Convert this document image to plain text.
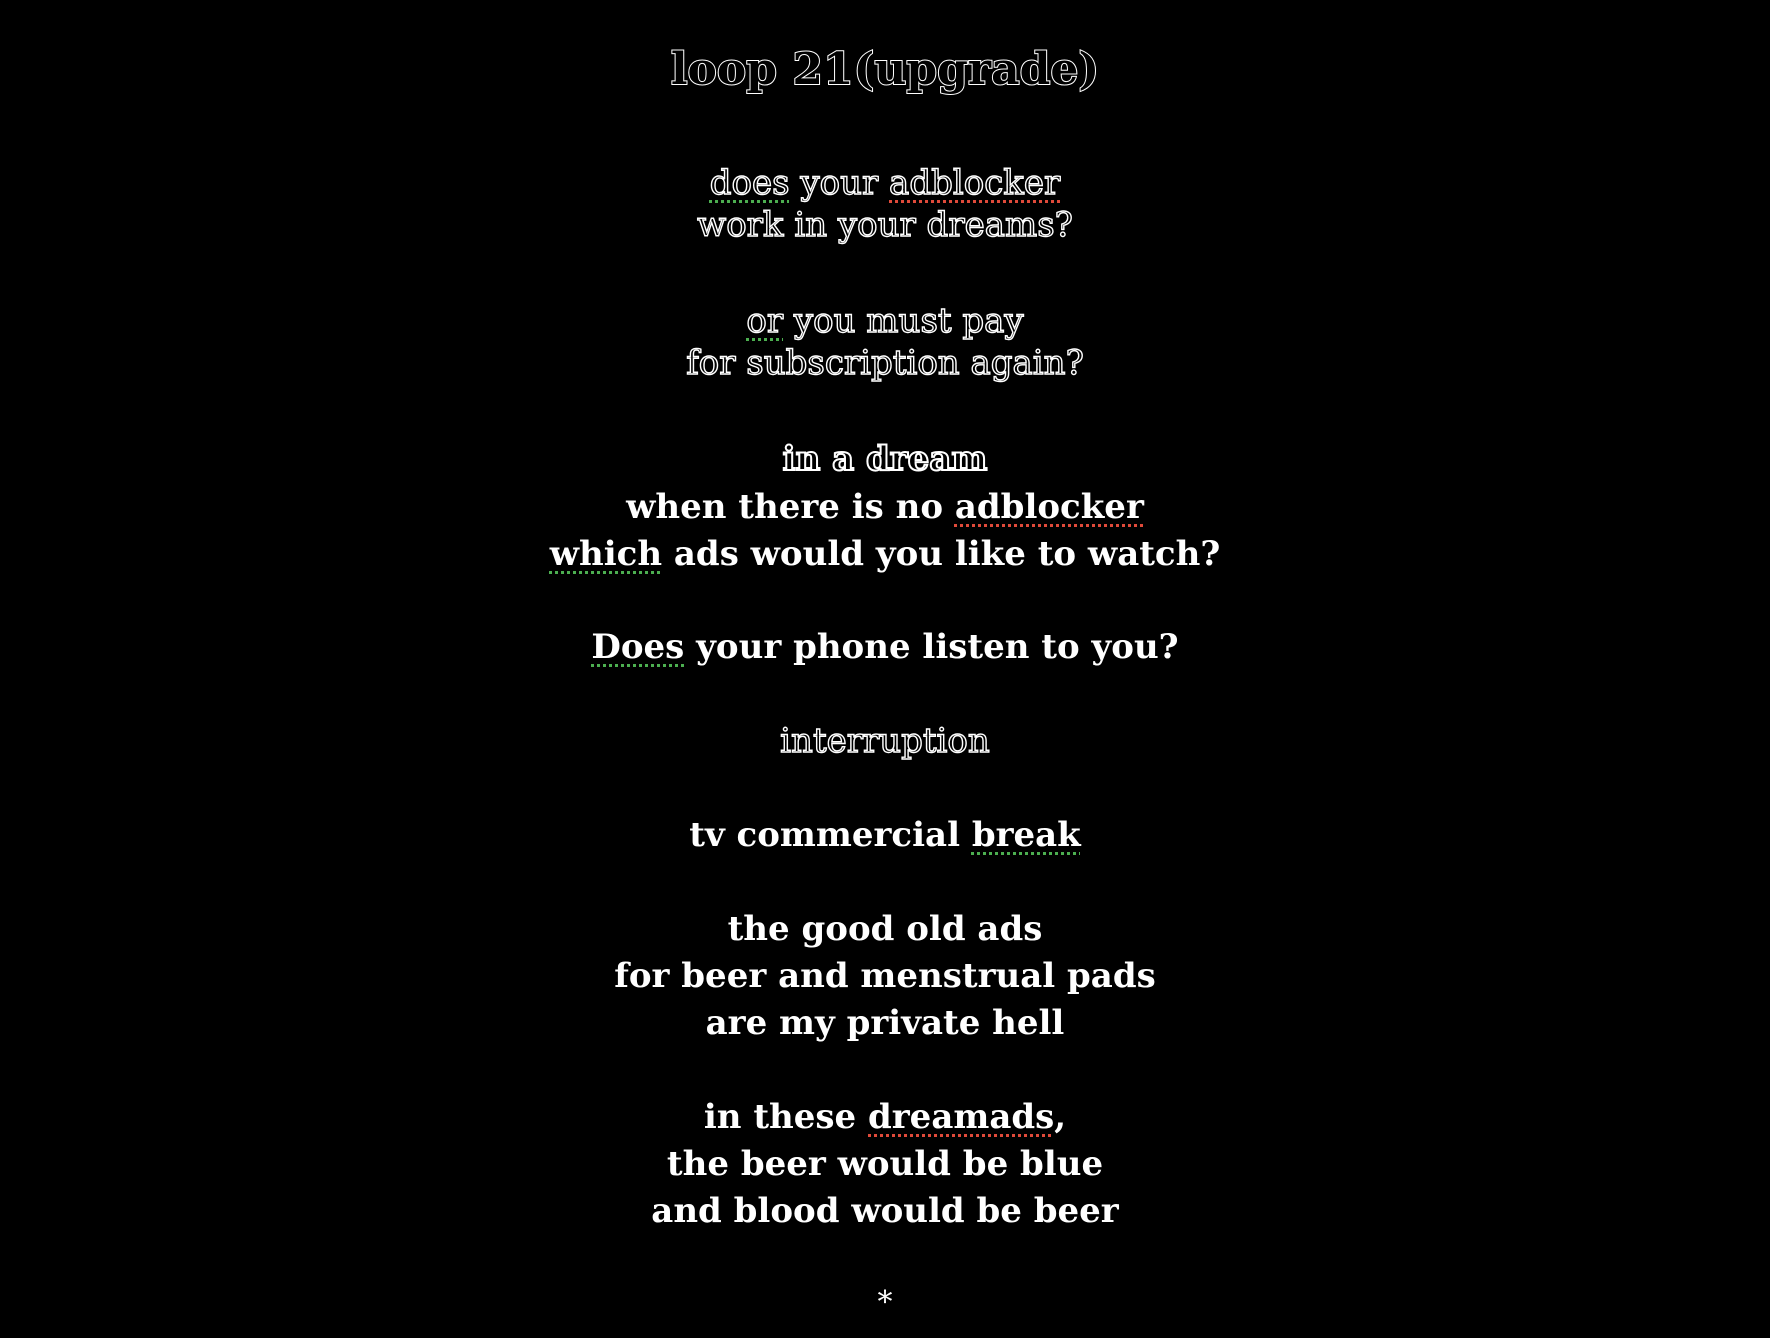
loop 21(upgrade)
does your adblocker
work in your dreams?
or you must pay
for subscription again?
in a dream
when there is no adblocker
which ads would you like to watch?
Does your phone listen to you?
interruption
tv commercial break
the good old ads
for beer and menstrual pads
are my private hell
in these dreamads,
the beer would be blue
and blood would be beer
*
